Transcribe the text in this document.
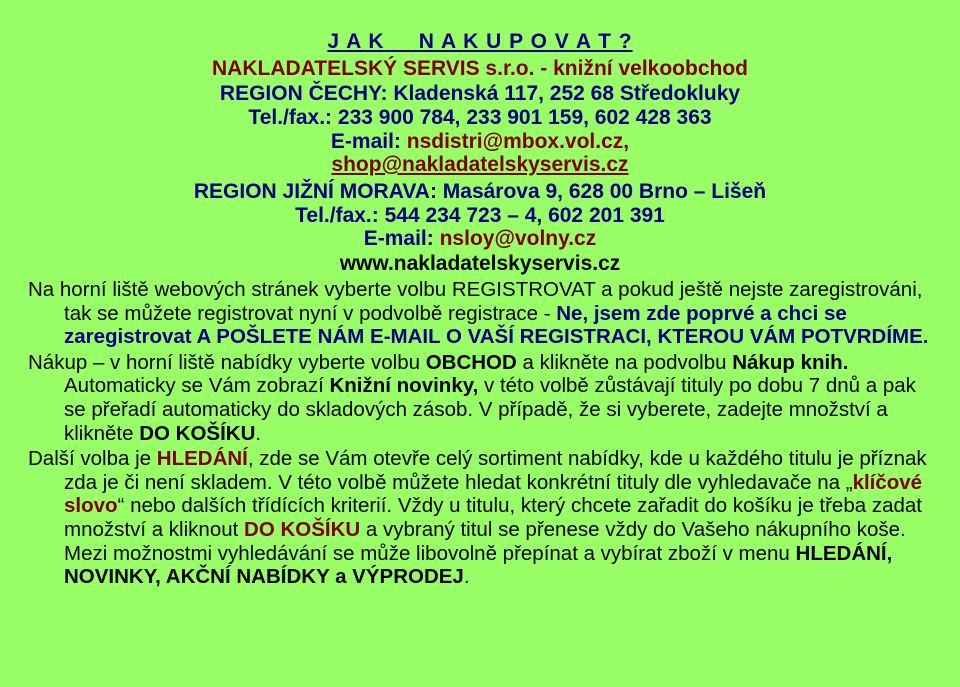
J A K N A K U P O V A T ?
NAKLADATELSKÝ SERVIS s.r.o. - knižní velkoobchod
REGION ČECHY: Kladenská 117, 252 68 Středokluky
Tel./fax.: 233 900 784, 233 901 159, 602 428 363
E-mail: nsdistri@mbox.vol.cz,
shop@nakladatelskyservis.cz
REGION JIŽNÍ MORAVA: Masárova 9, 628 00 Brno – Lišeň
Tel./fax.: 544 234 723 – 4, 602 201 391
E-mail: nsloy@volny.cz
www.nakladatelskyservis.cz

Na horní liště webových stránek vyberte volbu REGISTROVAT a pokud ještě nejste zaregistrováni, tak se můžete registrovat nyní v podvolbě registrace - Ne, jsem zde poprvé a chci se zaregistrovat A POŠLETE NÁM E-MAIL O VAŠÍ REGISTRACI, KTEROU VÁM POTVRDÍME.

Nákup – v horní liště nabídky vyberte volbu OBCHOD a klikněte na podvolbu Nákup knih. Automaticky se Vám zobrazí Knižní novinky, v této volbě zůstávají tituly po dobu 7 dnů a pak se přeřadí automaticky do skladových zásob. V případě, že si vyberete, zadejte množství a klikněte DO KOŠÍKU.

Další volba je HLEDÁNÍ, zde se Vám otevře celý sortiment nabídky, kde u každého titulu je příznak zda je či není skladem. V této volbě můžete hledat konkrétní tituly dle vyhledavače na „klíčové slovo“ nebo dalších třídících kriterií. Vždy u titulu, který chcete zařadit do košíku je třeba zadat množství a kliknout DO KOŠÍKU a vybraný titul se přenese vždy do Vašeho nákupního koše. Mezi možnostmi vyhledávání se může libovolně přepínat a vybírat zboží v menu HLEDÁNÍ, NOVINKY, AKČNÍ NABÍDKY a VÝPRODEJ.
